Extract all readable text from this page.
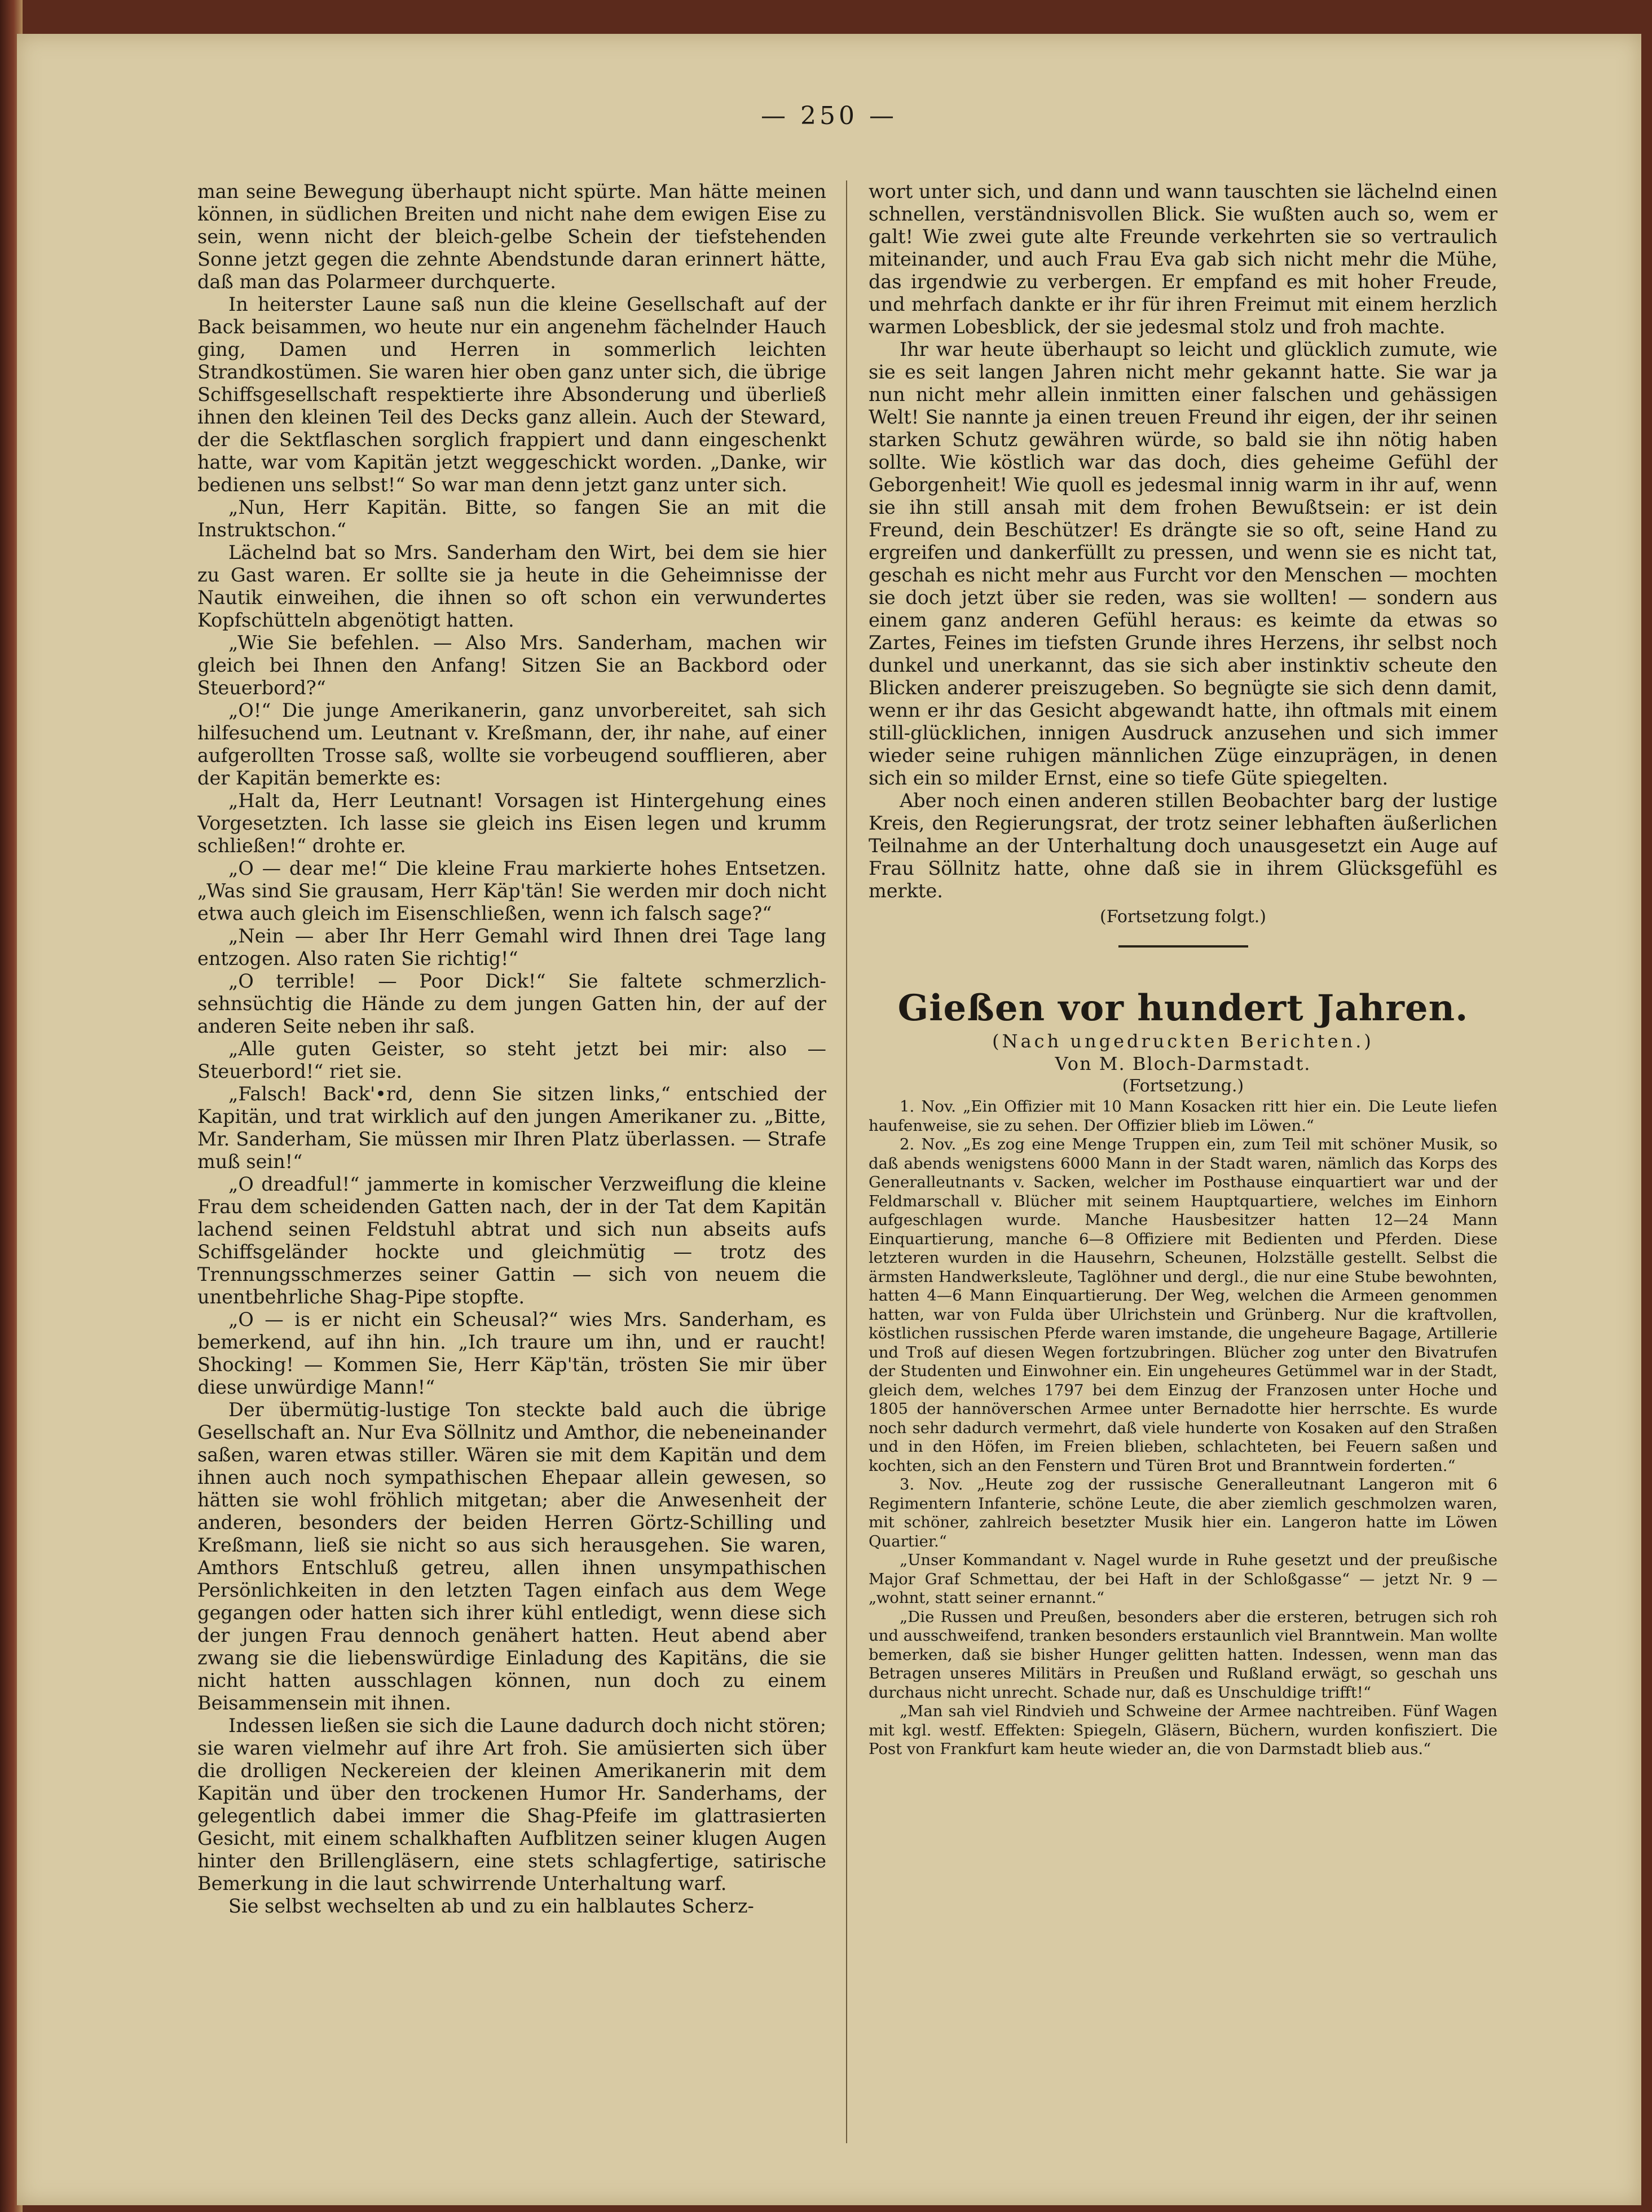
— 250 —

man seine Bewegung überhaupt nicht spürte. Man hätte meinen können, in südlichen Breiten und nicht nahe dem ewigen Eise zu sein, wenn nicht der bleich-gelbe Schein der tiefstehenden Sonne jetzt gegen die zehnte Abendstunde daran erinnert hätte, daß man das Polarmeer durchquerte.

In heiterster Laune saß nun die kleine Gesellschaft auf der Back beisammen, wo heute nur ein angenehm fächelnder Hauch ging, Damen und Herren in sommerlich leichten Strandkostümen. Sie waren hier oben ganz unter sich, die übrige Schiffsgesellschaft respektierte ihre Absonderung und überließ ihnen den kleinen Teil des Decks ganz allein. Auch der Steward, der die Sektflaschen sorglich frappiert und dann eingeschenkt hatte, war vom Kapitän jetzt weggeschickt worden. „Danke, wir bedienen uns selbst!“ So war man denn jetzt ganz unter sich.

„Nun, Herr Kapitän. Bitte, so fangen Sie an mit die Instruktschon.“

Lächelnd bat so Mrs. Sanderham den Wirt, bei dem sie hier zu Gast waren. Er sollte sie ja heute in die Geheimnisse der Nautik einweihen, die ihnen so oft schon ein verwundertes Kopfschütteln abgenötigt hatten.

„Wie Sie befehlen. — Also Mrs. Sanderham, machen wir gleich bei Ihnen den Anfang! Sitzen Sie an Backbord oder Steuerbord?“

„O!“ Die junge Amerikanerin, ganz unvorbereitet, sah sich hilfesuchend um. Leutnant v. Kreßmann, der, ihr nahe, auf einer aufgerollten Trosse saß, wollte sie vorbeugend soufflieren, aber der Kapitän bemerkte es:

„Halt da, Herr Leutnant! Vorsagen ist Hintergehung eines Vorgesetzten. Ich lasse sie gleich ins Eisen legen und krumm schließen!“ drohte er.

„O — dear me!“ Die kleine Frau markierte hohes Entsetzen. „Was sind Sie grausam, Herr Käp'tän! Sie werden mir doch nicht etwa auch gleich im Eisenschließen, wenn ich falsch sage?“

„Nein — aber Ihr Herr Gemahl wird Ihnen drei Tage lang entzogen. Also raten Sie richtig!“

„O terrible! — Poor Dick!“ Sie faltete schmerzlich-sehnsüchtig die Hände zu dem jungen Gatten hin, der auf der anderen Seite neben ihr saß.

„Alle guten Geister, so steht jetzt bei mir: also — Steuerbord!“ riet sie.

„Falsch! Back'•rd, denn Sie sitzen links,“ entschied der Kapitän, und trat wirklich auf den jungen Amerikaner zu. „Bitte, Mr. Sanderham, Sie müssen mir Ihren Platz überlassen. — Strafe muß sein!“

„O dreadful!“ jammerte in komischer Verzweiflung die kleine Frau dem scheidenden Gatten nach, der in der Tat dem Kapitän lachend seinen Feldstuhl abtrat und sich nun abseits aufs Schiffsgeländer hockte und gleichmütig — trotz des Trennungsschmerzes seiner Gattin — sich von neuem die unentbehrliche Shag-Pipe stopfte.

„O — is er nicht ein Scheusal?“ wies Mrs. Sanderham, es bemerkend, auf ihn hin. „Ich traure um ihn, und er raucht! Shocking! — Kommen Sie, Herr Käp'tän, trösten Sie mir über diese unwürdige Mann!“

Der übermütig-lustige Ton steckte bald auch die übrige Gesellschaft an. Nur Eva Söllnitz und Amthor, die nebeneinander saßen, waren etwas stiller. Wären sie mit dem Kapitän und dem ihnen auch noch sympathischen Ehepaar allein gewesen, so hätten sie wohl fröhlich mitgetan; aber die Anwesenheit der anderen, besonders der beiden Herren Görtz-Schilling und Kreßmann, ließ sie nicht so aus sich herausgehen. Sie waren, Amthors Entschluß getreu, allen ihnen unsympathischen Persönlichkeiten in den letzten Tagen einfach aus dem Wege gegangen oder hatten sich ihrer kühl entledigt, wenn diese sich der jungen Frau dennoch genähert hatten. Heut abend aber zwang sie die liebenswürdige Einladung des Kapitäns, die sie nicht hatten ausschlagen können, nun doch zu einem Beisammensein mit ihnen.

Indessen ließen sie sich die Laune dadurch doch nicht stören; sie waren vielmehr auf ihre Art froh. Sie amüsierten sich über die drolligen Neckereien der kleinen Amerikanerin mit dem Kapitän und über den trockenen Humor Hr. Sanderhams, der gelegentlich dabei immer die Shag-Pfeife im glattrasierten Gesicht, mit einem schalkhaften Aufblitzen seiner klugen Augen hinter den Brillengläsern, eine stets schlagfertige, satirische Bemerkung in die laut schwirrende Unterhaltung warf.

Sie selbst wechselten ab und zu ein halblautes Scherz-

wort unter sich, und dann und wann tauschten sie lächelnd einen schnellen, verständnisvollen Blick. Sie wußten auch so, wem er galt! Wie zwei gute alte Freunde verkehrten sie so vertraulich miteinander, und auch Frau Eva gab sich nicht mehr die Mühe, das irgendwie zu verbergen. Er empfand es mit hoher Freude, und mehrfach dankte er ihr für ihren Freimut mit einem herzlich warmen Lobesblick, der sie jedesmal stolz und froh machte.

Ihr war heute überhaupt so leicht und glücklich zumute, wie sie es seit langen Jahren nicht mehr gekannt hatte. Sie war ja nun nicht mehr allein inmitten einer falschen und gehässigen Welt! Sie nannte ja einen treuen Freund ihr eigen, der ihr seinen starken Schutz gewähren würde, so bald sie ihn nötig haben sollte. Wie köstlich war das doch, dies geheime Gefühl der Geborgenheit! Wie quoll es jedesmal innig warm in ihr auf, wenn sie ihn still ansah mit dem frohen Bewußtsein: er ist dein Freund, dein Beschützer! Es drängte sie so oft, seine Hand zu ergreifen und dankerfüllt zu pressen, und wenn sie es nicht tat, geschah es nicht mehr aus Furcht vor den Menschen — mochten sie doch jetzt über sie reden, was sie wollten! — sondern aus einem ganz anderen Gefühl heraus: es keimte da etwas so Zartes, Feines im tiefsten Grunde ihres Herzens, ihr selbst noch dunkel und unerkannt, das sie sich aber instinktiv scheute den Blicken anderer preiszugeben. So begnügte sie sich denn damit, wenn er ihr das Gesicht abgewandt hatte, ihn oftmals mit einem still-glücklichen, innigen Ausdruck anzusehen und sich immer wieder seine ruhigen männlichen Züge einzuprägen, in denen sich ein so milder Ernst, eine so tiefe Güte spiegelten.

Aber noch einen anderen stillen Beobachter barg der lustige Kreis, den Regierungsrat, der trotz seiner lebhaften äußerlichen Teilnahme an der Unterhaltung doch unausgesetzt ein Auge auf Frau Söllnitz hatte, ohne daß sie in ihrem Glücksgefühl es merkte.

(Fortsetzung folgt.)

Gießen vor hundert Jahren.

(Nach ungedruckten Berichten.)

Von M. Bloch-Darmstadt.

(Fortsetzung.)

1. Nov. „Ein Offizier mit 10 Mann Kosacken ritt hier ein. Die Leute liefen haufenweise, sie zu sehen. Der Offizier blieb im Löwen.“

2. Nov. „Es zog eine Menge Truppen ein, zum Teil mit schöner Musik, so daß abends wenigstens 6000 Mann in der Stadt waren, nämlich das Korps des Generalleutnants v. Sacken, welcher im Posthause einquartiert war und der Feldmarschall v. Blücher mit seinem Hauptquartiere, welches im Einhorn aufgeschlagen wurde. Manche Hausbesitzer hatten 12—24 Mann Einquartierung, manche 6—8 Offiziere mit Bedienten und Pferden. Diese letzteren wurden in die Hausehrn, Scheunen, Holzställe gestellt. Selbst die ärmsten Handwerksleute, Taglöhner und dergl., die nur eine Stube bewohnten, hatten 4—6 Mann Einquartierung. Der Weg, welchen die Armeen genommen hatten, war von Fulda über Ulrichstein und Grünberg. Nur die kraftvollen, köstlichen russischen Pferde waren imstande, die ungeheure Bagage, Artillerie und Troß auf diesen Wegen fortzubringen. Blücher zog unter den Bivatrufen der Studenten und Einwohner ein. Ein ungeheures Getümmel war in der Stadt, gleich dem, welches 1797 bei dem Einzug der Franzosen unter Hoche und 1805 der hannöverschen Armee unter Bernadotte hier herrschte. Es wurde noch sehr dadurch vermehrt, daß viele hunderte von Kosaken auf den Straßen und in den Höfen, im Freien blieben, schlachteten, bei Feuern saßen und kochten, sich an den Fenstern und Türen Brot und Branntwein forderten.“

3. Nov. „Heute zog der russische Generalleutnant Langeron mit 6 Regimentern Infanterie, schöne Leute, die aber ziemlich geschmolzen waren, mit schöner, zahlreich besetzter Musik hier ein. Langeron hatte im Löwen Quartier.“

„Unser Kommandant v. Nagel wurde in Ruhe gesetzt und der preußische Major Graf Schmettau, der bei Haft in der Schloßgasse“ — jetzt Nr. 9 — „wohnt, statt seiner ernannt.“

„Die Russen und Preußen, besonders aber die ersteren, betrugen sich roh und ausschweifend, tranken besonders erstaunlich viel Branntwein. Man wollte bemerken, daß sie bisher Hunger gelitten hatten. Indessen, wenn man das Betragen unseres Militärs in Preußen und Rußland erwägt, so geschah uns durchaus nicht unrecht. Schade nur, daß es Unschuldige trifft!“

„Man sah viel Rindvieh und Schweine der Armee nachtreiben. Fünf Wagen mit kgl. westf. Effekten: Spiegeln, Gläsern, Büchern, wurden konfisziert. Die Post von Frankfurt kam heute wieder an, die von Darmstadt blieb aus.“
